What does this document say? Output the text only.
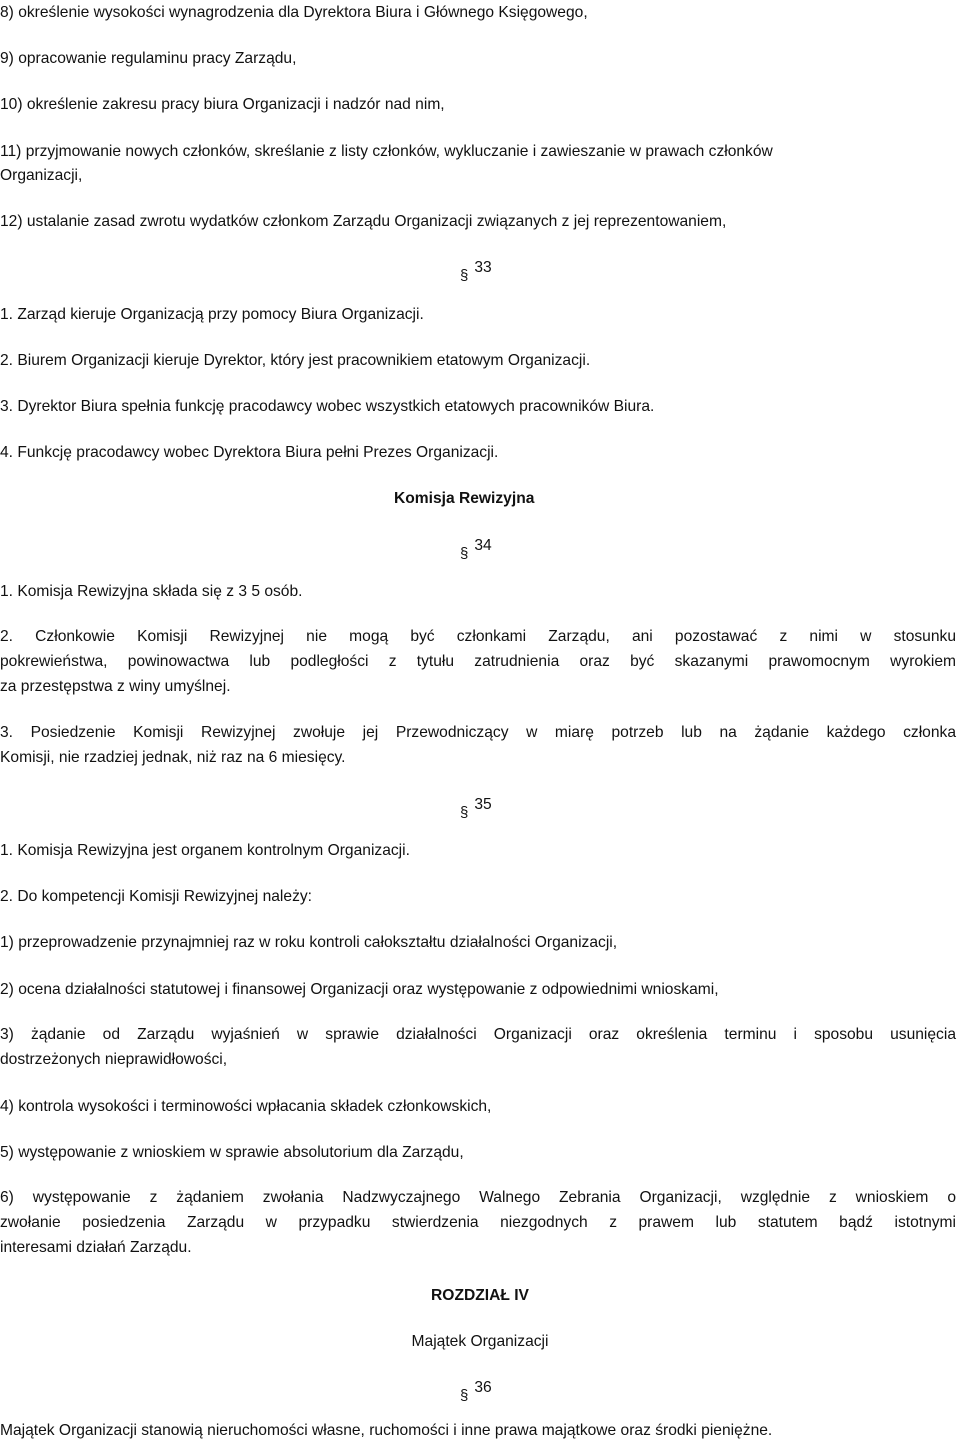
8) określenie wysokości wynagrodzenia dla Dyrektora Biura i Głównego Księgowego,
9) opracowanie regulaminu pracy Zarządu,
10) określenie zakresu pracy biura Organizacji i nadzór nad nim,
11) przyjmowanie nowych członków, skreślanie z listy członków, wykluczanie i zawieszanie w prawach członków
Organizacji,
12) ustalanie zasad zwrotu wydatków członkom Zarządu Organizacji związanych z jej reprezentowaniem,
§ 33
1. Zarząd kieruje Organizacją przy pomocy Biura Organizacji.
2. Biurem Organizacji kieruje Dyrektor, który jest pracownikiem etatowym Organizacji.
3. Dyrektor Biura spełnia funkcję pracodawcy wobec wszystkich etatowych pracowników Biura.
4. Funkcję pracodawcy wobec Dyrektora Biura pełni Prezes Organizacji.
Komisja Rewizyjna
§ 34
1. Komisja Rewizyjna składa się z 3 5 osób.
2. Członkowie Komisji Rewizyjnej nie mogą być członkami Zarządu, ani pozostawać z nimi w stosunku
pokrewieństwa, powinowactwa lub podległości z tytułu zatrudnienia oraz być skazanymi prawomocnym wyrokiem
za przestępstwa z winy umyślnej.
3. Posiedzenie Komisji Rewizyjnej zwołuje jej Przewodniczący w miarę potrzeb lub na żądanie każdego członka
Komisji, nie rzadziej jednak, niż raz na 6 miesięcy.
§ 35
1. Komisja Rewizyjna jest organem kontrolnym Organizacji.
2. Do kompetencji Komisji Rewizyjnej należy:
1) przeprowadzenie przynajmniej raz w roku kontroli całokształtu działalności Organizacji,
2) ocena działalności statutowej i finansowej Organizacji oraz występowanie z odpowiednimi wnioskami,
3) żądanie od Zarządu wyjaśnień w sprawie działalności Organizacji oraz określenia terminu i sposobu usunięcia
dostrzeżonych nieprawidłowości,
4) kontrola wysokości i terminowości wpłacania składek członkowskich,
5) występowanie z wnioskiem w sprawie absolutorium dla Zarządu,
6) występowanie z żądaniem zwołania Nadzwyczajnego Walnego Zebrania Organizacji, względnie z wnioskiem o
zwołanie posiedzenia Zarządu w przypadku stwierdzenia niezgodnych z prawem lub statutem bądź istotnymi
interesami działań Zarządu.
ROZDZIAŁ IV
Majątek Organizacji
§ 36
Majątek Organizacji stanowią nieruchomości własne, ruchomości i inne prawa majątkowe oraz środki pieniężne.
